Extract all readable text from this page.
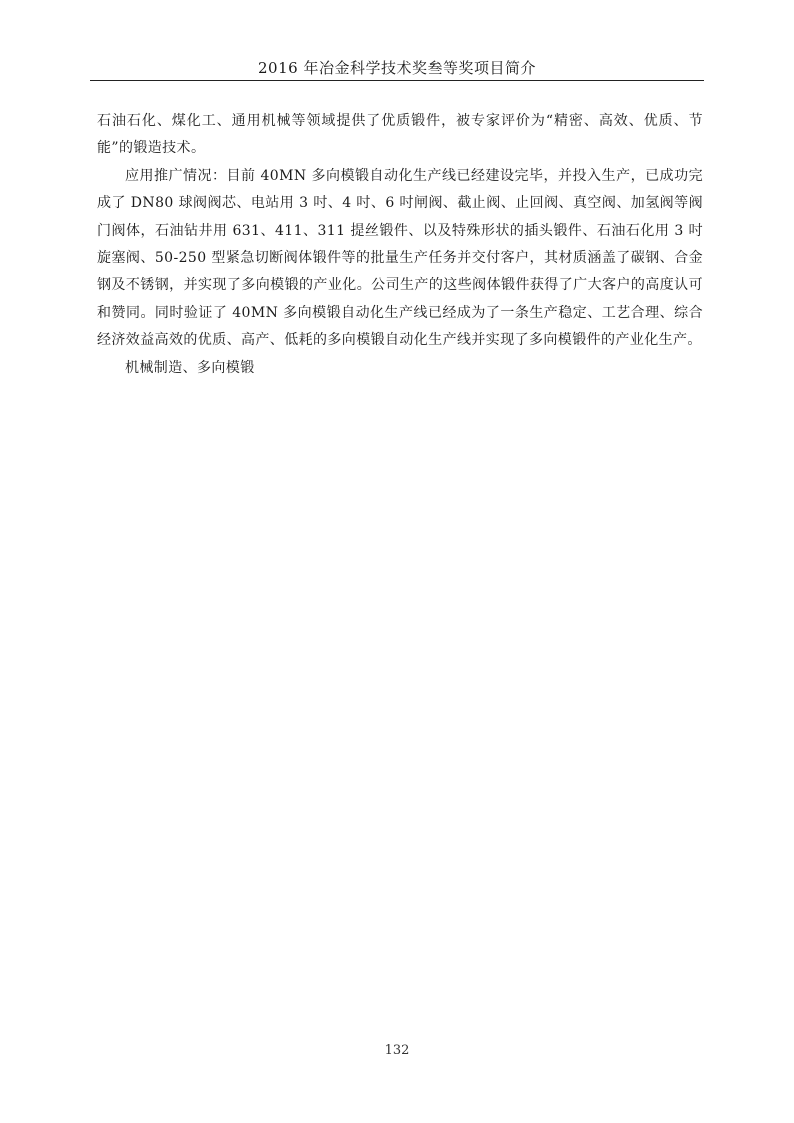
2016 年冶金科学技术奖叁等奖项目简介

石油石化、煤化工、通用机械等领域提供了优质锻件，被专家评价为“精密、高效、优质、节能”的锻造技术。

应用推广情况：目前 40MN 多向模锻自动化生产线已经建设完毕，并投入生产，已成功完成了 DN80 球阀阀芯、电站用 3 吋、4 吋、6 吋闸阀、截止阀、止回阀、真空阀、加氢阀等阀门阀体，石油钻井用 631、411、311 提丝锻件、以及特殊形状的插头锻件、石油石化用 3 吋旋塞阀、50-250 型紧急切断阀体锻件等的批量生产任务并交付客户，其材质涵盖了碳钢、合金钢及不锈钢，并实现了多向模锻的产业化。公司生产的这些阀体锻件获得了广大客户的高度认可和赞同。同时验证了 40MN 多向模锻自动化生产线已经成为了一条生产稳定、工艺合理、综合经济效益高效的优质、高产、低耗的多向模锻自动化生产线并实现了多向模锻件的产业化生产。

机械制造、多向模锻

132
